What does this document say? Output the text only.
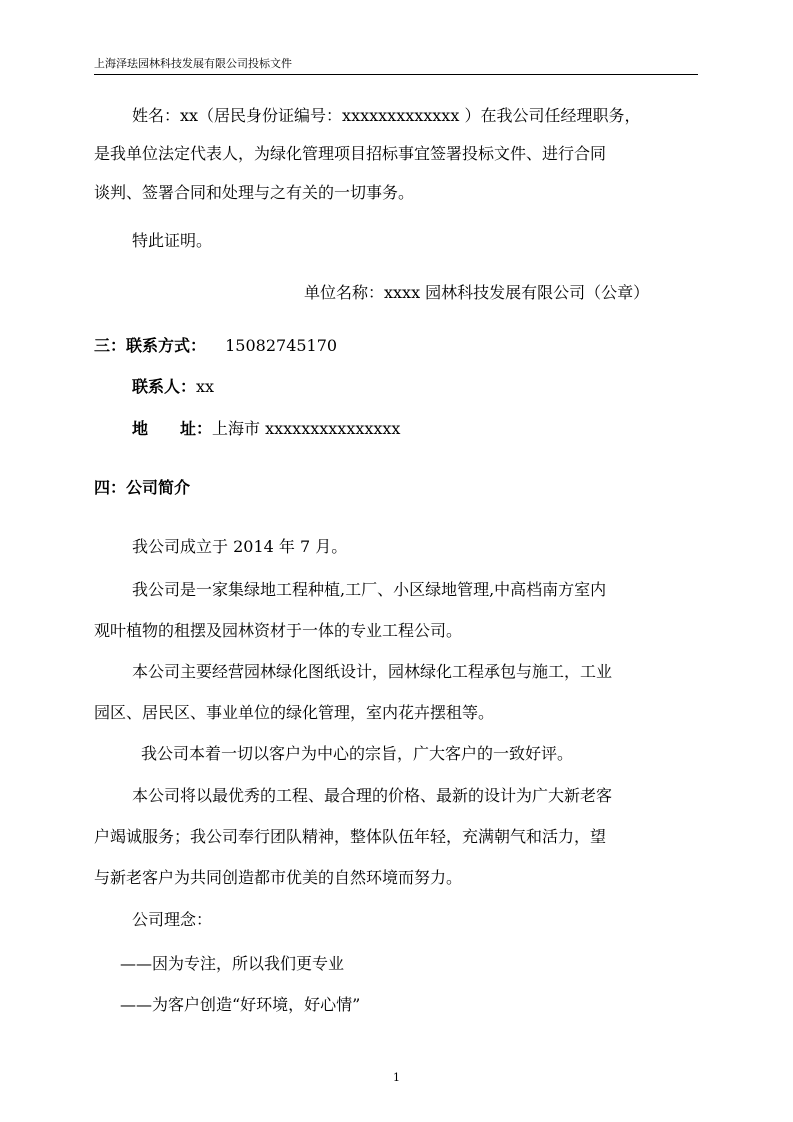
上海泽珐园林科技发展有限公司投标文件
姓名：xx（居民身份证编号：xxxxxxxxxxxxx ）在我公司任经理职务，
是我单位法定代表人，为绿化管理项目招标事宜签署投标文件、进行合同
谈判、签署合同和处理与之有关的一切事务。
特此证明。
单位名称：xxxx 园林科技发展有限公司（公章）
三：联系方式： 15082745170
联系人：xx
地　　址：上海市 xxxxxxxxxxxxxxx
四：公司简介
我公司成立于 2014 年 7 月。
我公司是一家集绿地工程种植,工厂、小区绿地管理,中高档南方室内
观叶植物的租摆及园林资材于一体的专业工程公司。
本公司主要经营园林绿化图纸设计，园林绿化工程承包与施工，工业
园区、居民区、事业单位的绿化管理，室内花卉摆租等。
我公司本着一切以客户为中心的宗旨，广大客户的一致好评。
本公司将以最优秀的工程、最合理的价格、最新的设计为广大新老客
户竭诚服务；我公司奉行团队精神，整体队伍年轻，充满朝气和活力，望
与新老客户为共同创造都市优美的自然环境而努力。
公司理念：
——因为专注，所以我们更专业
——为客户创造“好环境，好心情”
1
